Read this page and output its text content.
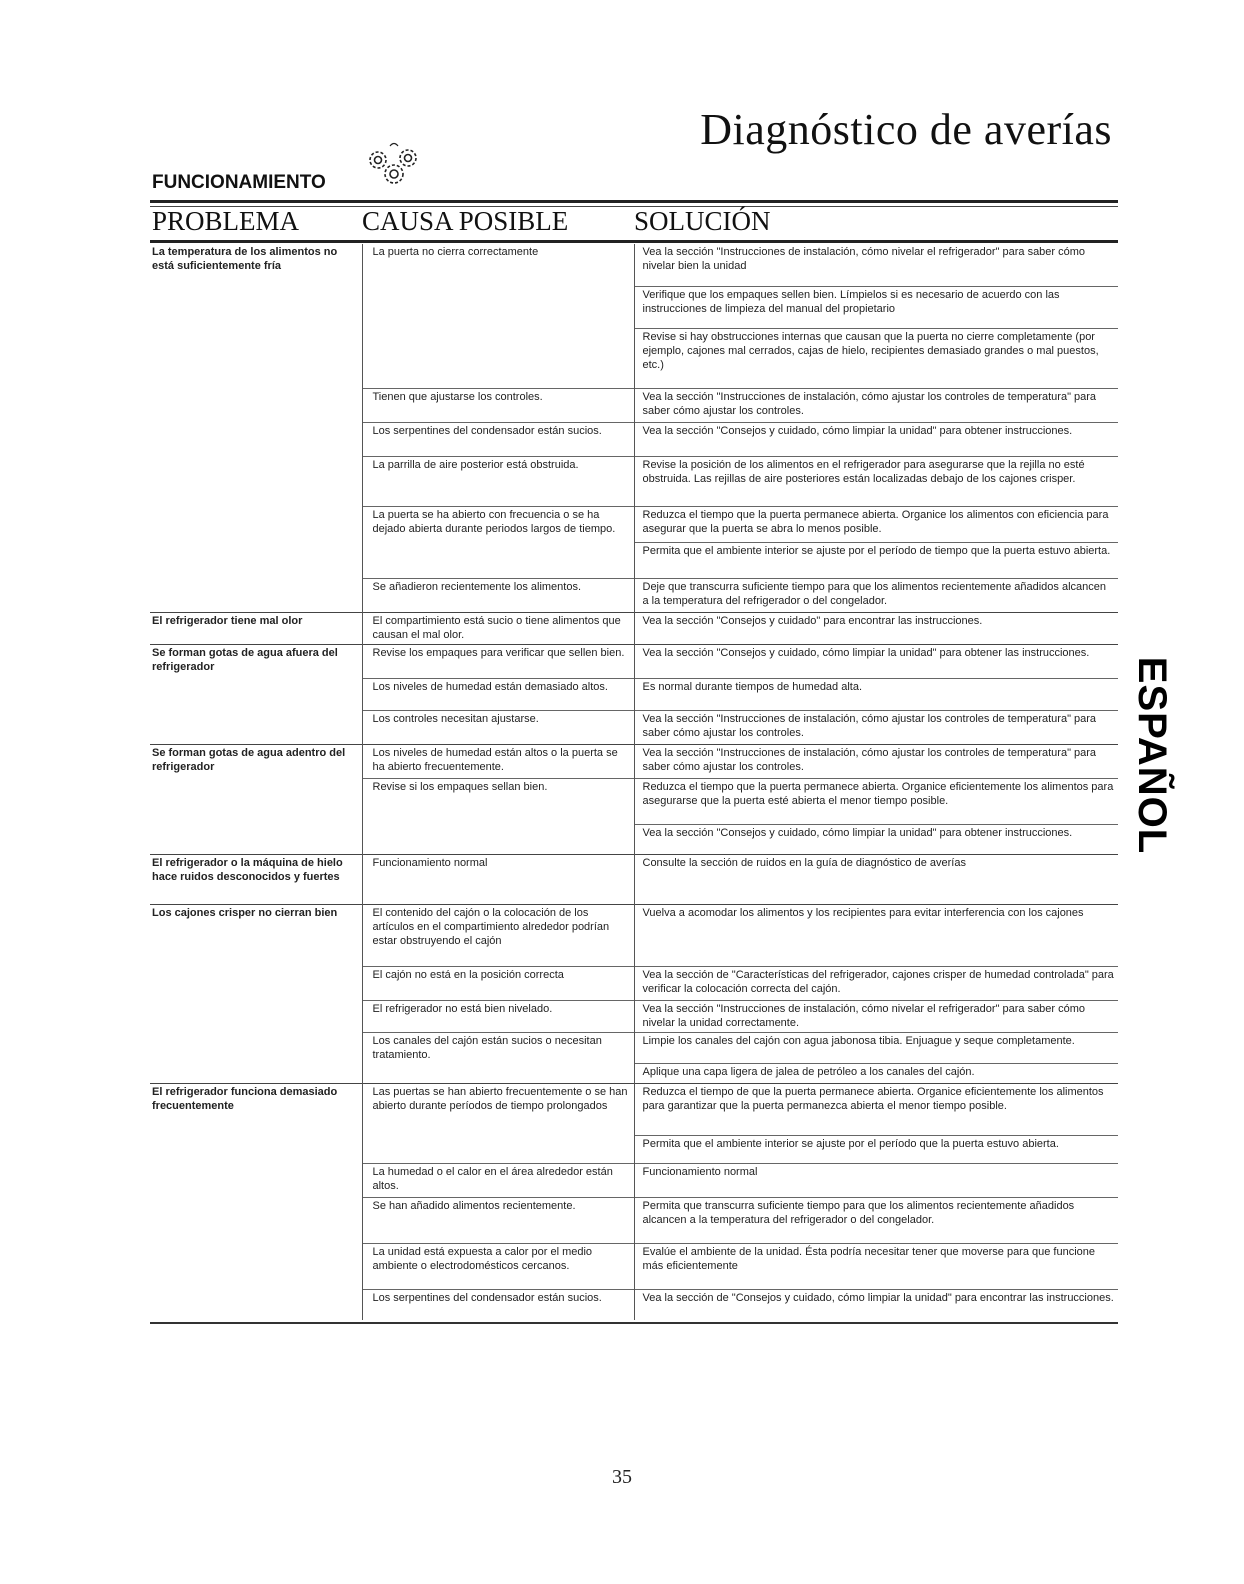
Diagnóstico de averías
FUNCIONAMIENTO
PROBLEMA CAUSA POSIBLE SOLUCIÓN
La temperatura de los alimentos no está suficientemente fría	La puerta no cierra correctamente	Vea la sección "Instrucciones de instalación, cómo nivelar el refrigerador" para saber cómo nivelar bien la unidad
		Verifique que los empaques sellen bien. Límpielos si es necesario de acuerdo con las instrucciones de limpieza del manual del propietario
		Revise si hay obstrucciones internas que causan que la puerta no cierre completamente (por ejemplo, cajones mal cerrados, cajas de hielo, recipientes demasiado grandes o mal puestos, etc.)
	Tienen que ajustarse los controles.	Vea la sección "Instrucciones de instalación, cómo ajustar los controles de temperatura" para saber cómo ajustar los controles.
	Los serpentines del condensador están sucios.	Vea la sección "Consejos y cuidado, cómo limpiar la unidad" para obtener instrucciones.
	La parrilla de aire posterior está obstruida.	Revise la posición de los alimentos en el refrigerador para asegurarse que la rejilla no esté obstruida. Las rejillas de aire posteriores están localizadas debajo de los cajones crisper.
	La puerta se ha abierto con frecuencia o se ha dejado abierta durante periodos largos de tiempo.	Reduzca el tiempo que la puerta permanece abierta. Organice los alimentos con eficiencia para asegurar que la puerta se abra lo menos posible.
		Permita que el ambiente interior se ajuste por el período de tiempo que la puerta estuvo abierta.
	Se añadieron recientemente los alimentos.	Deje que transcurra suficiente tiempo para que los alimentos recientemente añadidos alcancen a la temperatura del refrigerador o del congelador.
El refrigerador tiene mal olor	El compartimiento está sucio o tiene alimentos que causan el mal olor.	Vea la sección "Consejos y cuidado" para encontrar las instrucciones.
Se forman gotas de agua afuera del refrigerador	Revise los empaques para verificar que sellen bien.	Vea la sección "Consejos y cuidado, cómo limpiar la unidad" para obtener las instrucciones.
	Los niveles de humedad están demasiado altos.	Es normal durante tiempos de humedad alta.
	Los controles necesitan ajustarse.	Vea la sección "Instrucciones de instalación, cómo ajustar los controles de temperatura" para saber cómo ajustar los controles.
Se forman gotas de agua adentro del refrigerador	Los niveles de humedad están altos o la puerta se ha abierto frecuentemente.	Vea la sección "Instrucciones de instalación, cómo ajustar los controles de temperatura" para saber cómo ajustar los controles.
	Revise si los empaques sellan bien.	Reduzca el tiempo que la puerta permanece abierta. Organice eficientemente los alimentos para asegurarse que la puerta esté abierta el menor tiempo posible.
		Vea la sección "Consejos y cuidado, cómo limpiar la unidad" para obtener instrucciones.
El refrigerador o la máquina de hielo hace ruidos desconocidos y fuertes	Funcionamiento normal	Consulte la sección de ruidos en la guía de diagnóstico de averías
Los cajones crisper no cierran bien	El contenido del cajón o la colocación de los artículos en el compartimiento alrededor podrían estar obstruyendo el cajón	Vuelva a acomodar los alimentos y los recipientes para evitar interferencia con los cajones
	El cajón no está en la posición correcta	Vea la sección de "Características del refrigerador, cajones crisper de humedad controlada" para verificar la colocación correcta del cajón.
	El refrigerador no está bien nivelado.	Vea la sección "Instrucciones de instalación, cómo nivelar el refrigerador" para saber cómo nivelar la unidad correctamente.
	Los canales del cajón están sucios o necesitan tratamiento.	Limpie los canales del cajón con agua jabonosa tibia. Enjuague y seque completamente.
		Aplique una capa ligera de jalea de petróleo a los canales del cajón.
El refrigerador funciona demasiado frecuentemente	Las puertas se han abierto frecuentemente o se han abierto durante períodos de tiempo prolongados	Reduzca el tiempo de que la puerta permanece abierta. Organice eficientemente los alimentos para garantizar que la puerta permanezca abierta el menor tiempo posible.
		Permita que el ambiente interior se ajuste por el período que la puerta estuvo abierta.
	La humedad o el calor en el área alrededor están altos.	Funcionamiento normal
	Se han añadido alimentos recientemente.	Permita que transcurra suficiente tiempo para que los alimentos recientemente añadidos alcancen a la temperatura del refrigerador o del congelador.
	La unidad está expuesta a calor por el medio ambiente o electrodomésticos cercanos.	Evalúe el ambiente de la unidad. Ésta podría necesitar tener que moverse para que funcione más eficientemente
	Los serpentines del condensador están sucios.	Vea la sección de "Consejos y cuidado, cómo limpiar la unidad" para encontrar las instrucciones.
ESPAÑOL
35
